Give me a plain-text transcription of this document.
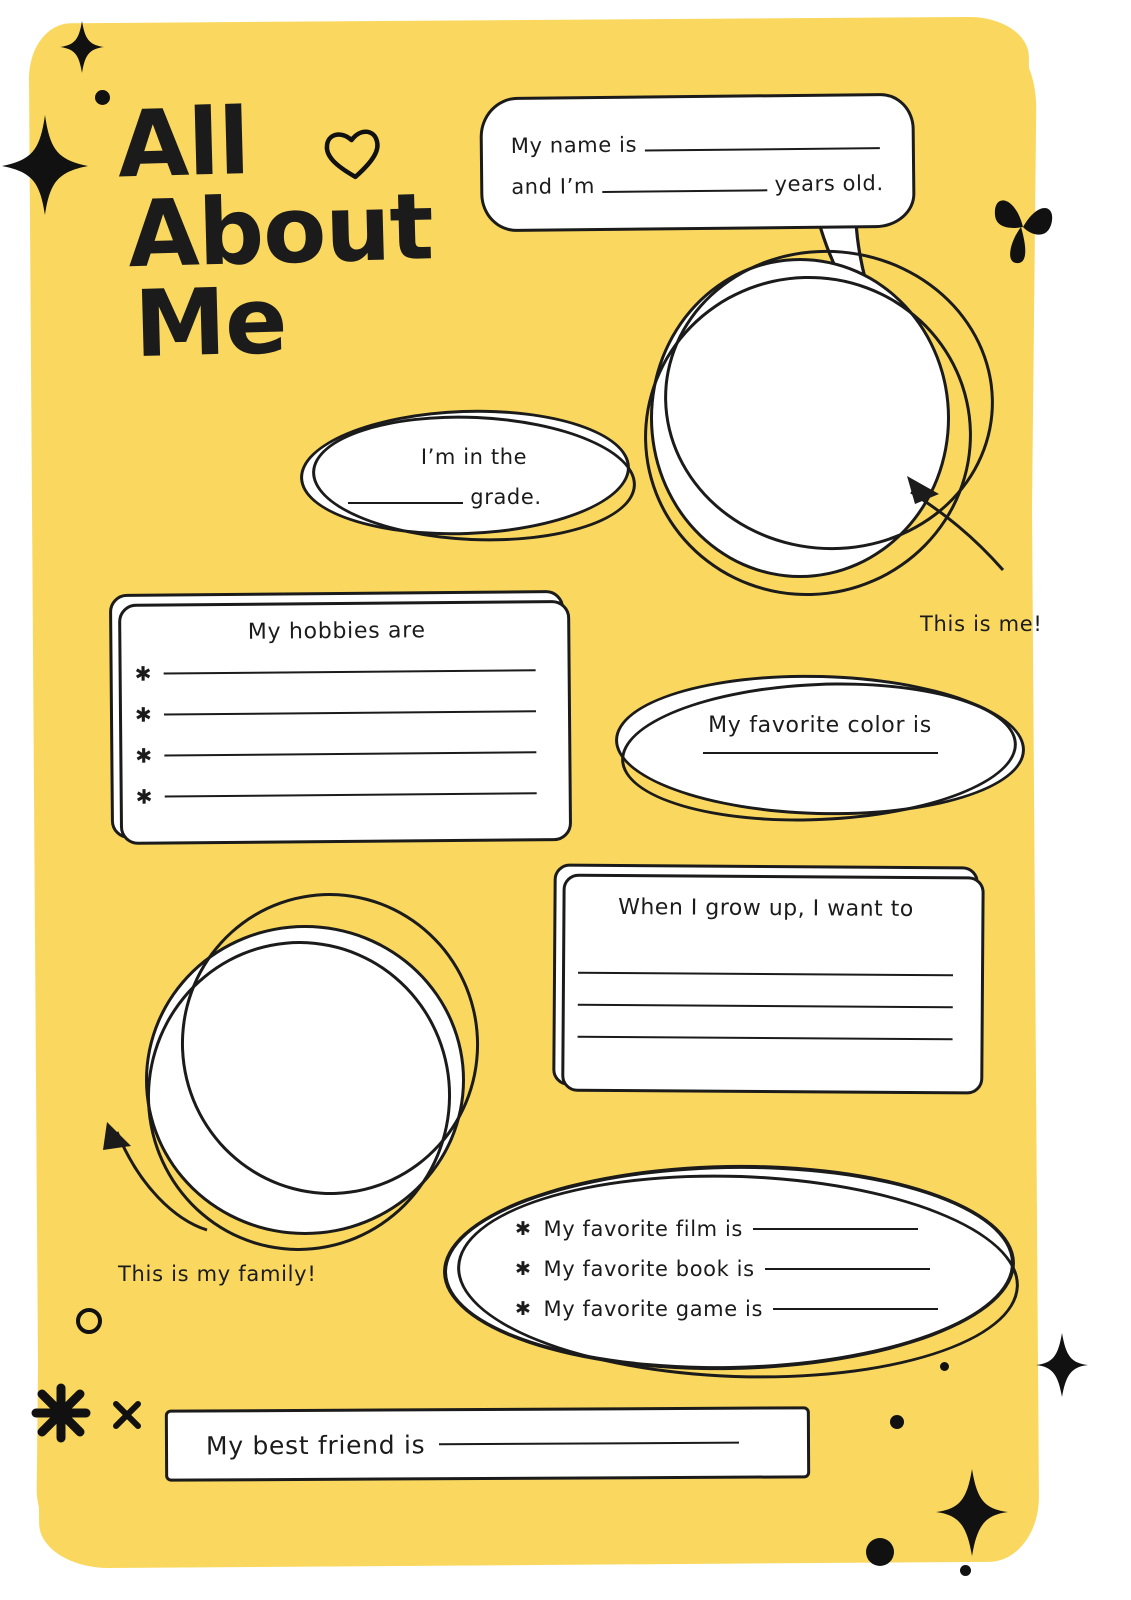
All
About
Me
My name is
and I’m	years old.
I’m in the
grade.
This is me!
My hobbies are
✱
✱
✱
✱
My favorite color is
When I grow up, I want to
This is my family!
✱ My favorite film is
✱ My favorite book is
✱ My favorite game is
My best friend is
